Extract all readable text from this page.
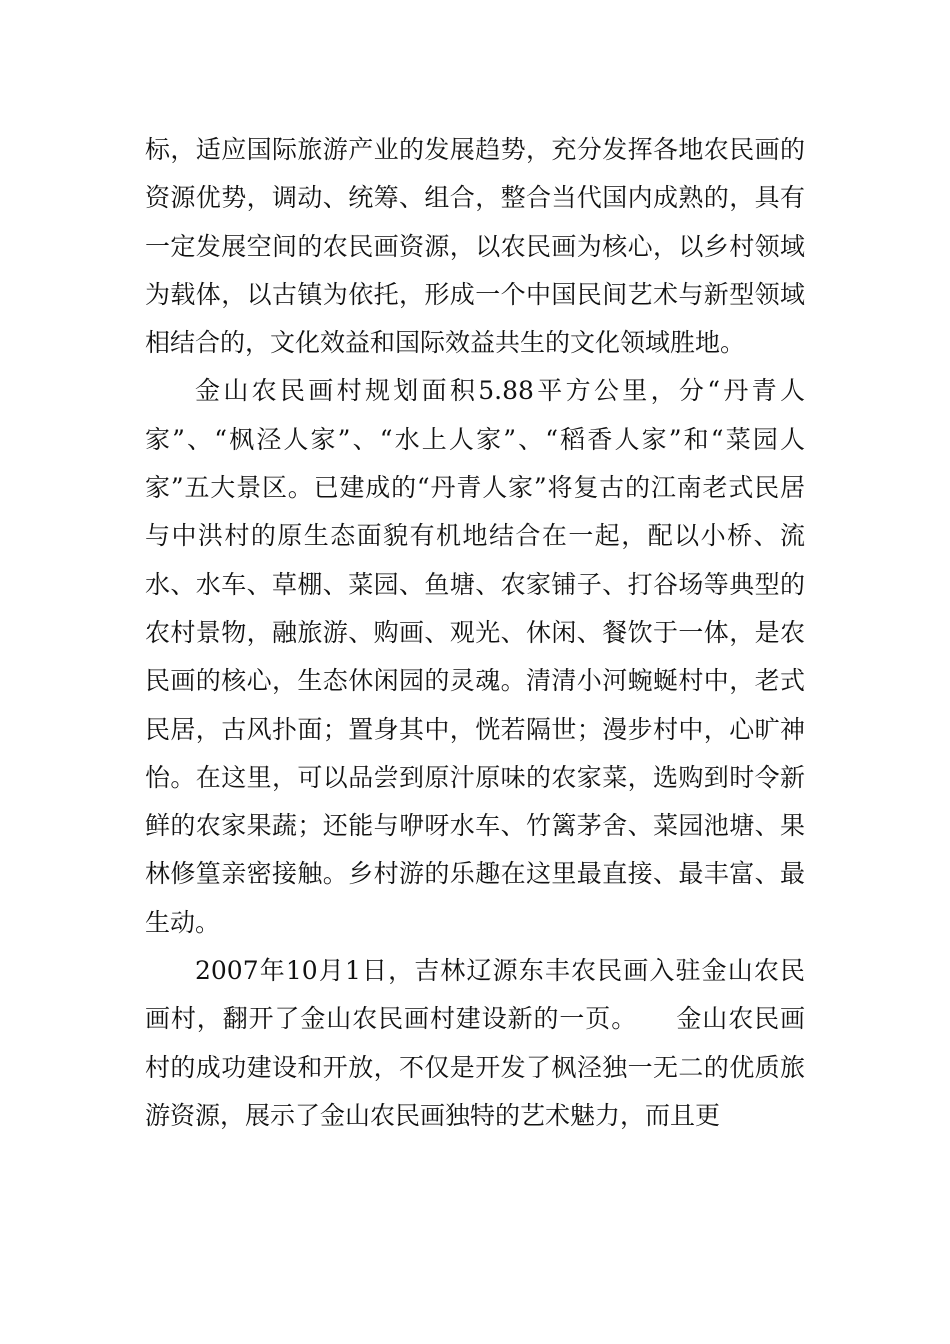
标，适应国际旅游产业的发展趋势，充分发挥各地农民画的资源优势，调动、统筹、组合，整合当代国内成熟的，具有一定发展空间的农民画资源，以农民画为核心，以乡村领域为载体，以古镇为依托，形成一个中国民间艺术与新型领域相结合的，文化效益和国际效益共生的文化领域胜地。

金山农民画村规划面积5.88平方公里，分“丹青人家”、“枫泾人家”、“水上人家”、“稻香人家”和“菜园人家”五大景区。已建成的“丹青人家”将复古的江南老式民居与中洪村的原生态面貌有机地结合在一起，配以小桥、流水、水车、草棚、菜园、鱼塘、农家铺子、打谷场等典型的农村景物，融旅游、购画、观光、休闲、餐饮于一体，是农民画的核心，生态休闲园的灵魂。清清小河蜿蜒村中，老式民居，古风扑面；置身其中，恍若隔世；漫步村中，心旷神怡。在这里，可以品尝到原汁原味的农家菜，选购到时令新鲜的农家果蔬；还能与咿呀水车、竹篱茅舍、菜园池塘、果林修篁亲密接触。乡村游的乐趣在这里最直接、最丰富、最生动。

2007年10月1日，吉林辽源东丰农民画入驻金山农民画村，翻开了金山农民画村建设新的一页。　　金山农民画村的成功建设和开放，不仅是开发了枫泾独一无二的优质旅游资源，展示了金山农民画独特的艺术魅力，而且更
